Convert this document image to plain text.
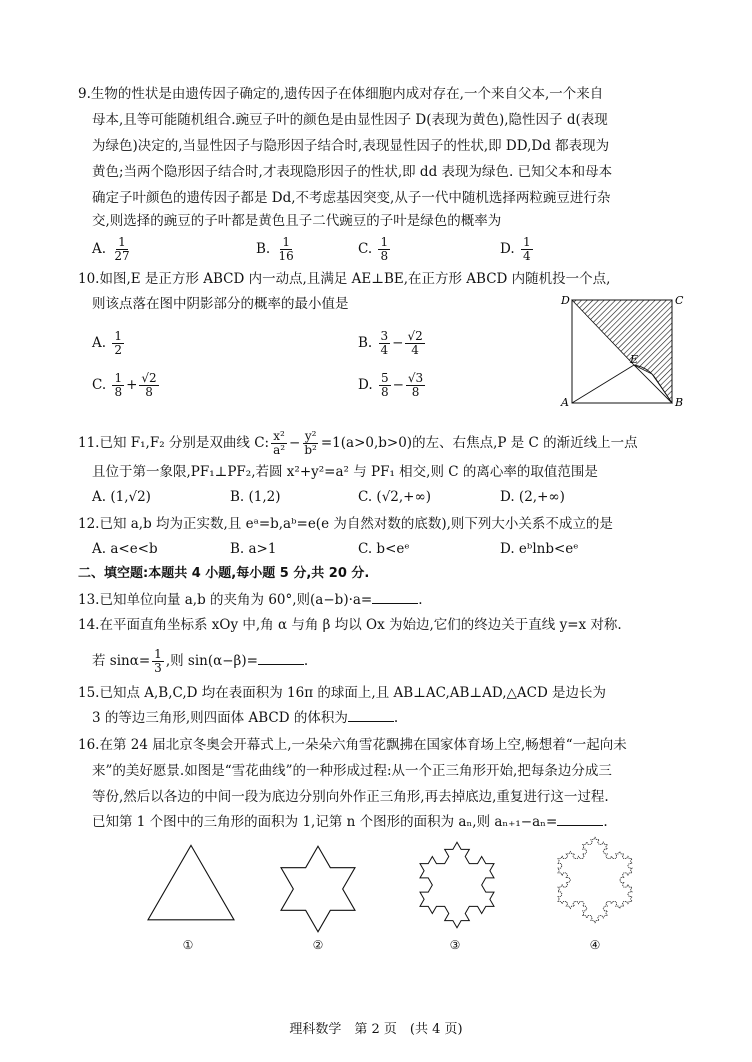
9.生物的性状是由遗传因子确定的,遗传因子在体细胞内成对存在,一个来自父本,一个来自
母本,且等可能随机组合.豌豆子叶的颜色是由显性因子 D(表现为黄色),隐性因子 d(表现
为绿色)决定的,当显性因子与隐形因子结合时,表现显性因子的性状,即 DD,Dd 都表现为
黄色;当两个隐形因子结合时,才表现隐形因子的性状,即 dd 表现为绿色. 已知父本和母本
确定子叶颜色的遗传因子都是 Dd,不考虑基因突变,从子一代中随机选择两粒豌豆进行杂
交,则选择的豌豆的子叶都是黄色且子二代豌豆的子叶是绿色的概率为
A. $\frac{1}{27}$	B. $\frac{1}{16}$	C. $\frac{1}{8}$	D. $\frac{1}{4}$
10.如图,E 是正方形 ABCD 内一动点,且满足 AE⊥BE,在正方形 ABCD 内随机投一个点,
则该点落在图中阴影部分的概率的最小值是
A. $\frac{1}{2}$	B. $\frac{3}{4} - \frac{√2}{4}$
C. $\frac{1}{8} + \frac{√2}{8}$	D. $\frac{5}{8} - \frac{√3}{8}$
D	C
A	B
E
11.已知 F₁,F₂ 分别是双曲线 C: $\frac{\text{x²}}{\text{a²}} - \frac{\text{y²}}{\text{b²}} =1(a>0,b>0)$的左、右焦点,P 是 C 的渐近线上一点
且位于第一象限,PF₁⊥PF₂,若圆 x²+y²=a² 与 PF₁ 相交,则 C 的离心率的取值范围是
A. (1,√2)	B. (1,2)	C. (√2,+∞)	D. (2,+∞)
12.已知 a,b 均为正实数,且 eᵃ=b,aᵇ=e(e 为自然对数的底数),则下列大小关系不成立的是
A. a<e<b	B. a>1	C. b<eᵉ	D. eᵇlnb<eᵉ
二、填空题:本题共 4 小题,每小题 5 分,共 20 分.
13.已知单位向量 a,b 的夹角为 60°,则(a−b)·a=	.
14.在平面直角坐标系 xOy 中,角 α 与角 β 均以 Ox 为始边,它们的终边关于直线 y=x 对称.
若 $\sin\alpha= \frac{1}{3}$ ,则 sin(α−β)=	.
15.已知点 A,B,C,D 均在表面积为 16π 的球面上,且 AB⊥AC,AB⊥AD,△ACD 是边长为
3 的等边三角形,则四面体 ABCD 的体积为	.
16.在第 24 届北京冬奥会开幕式上,一朵朵六角雪花飘拂在国家体育场上空,畅想着“一起向未
来”的美好愿景.如图是“雪花曲线”的一种形成过程:从一个正三角形开始,把每条边分成三
等份,然后以各边的中间一段为底边分别向外作正三角形,再去掉底边,重复进行这一过程.
已知第 1 个图中的三角形的面积为 1,记第 n 个图形的面积为 aₙ,则 aₙ₊₁−aₙ=	.
①	②	③	④
理科数学　第 2 页　(共 4 页)
